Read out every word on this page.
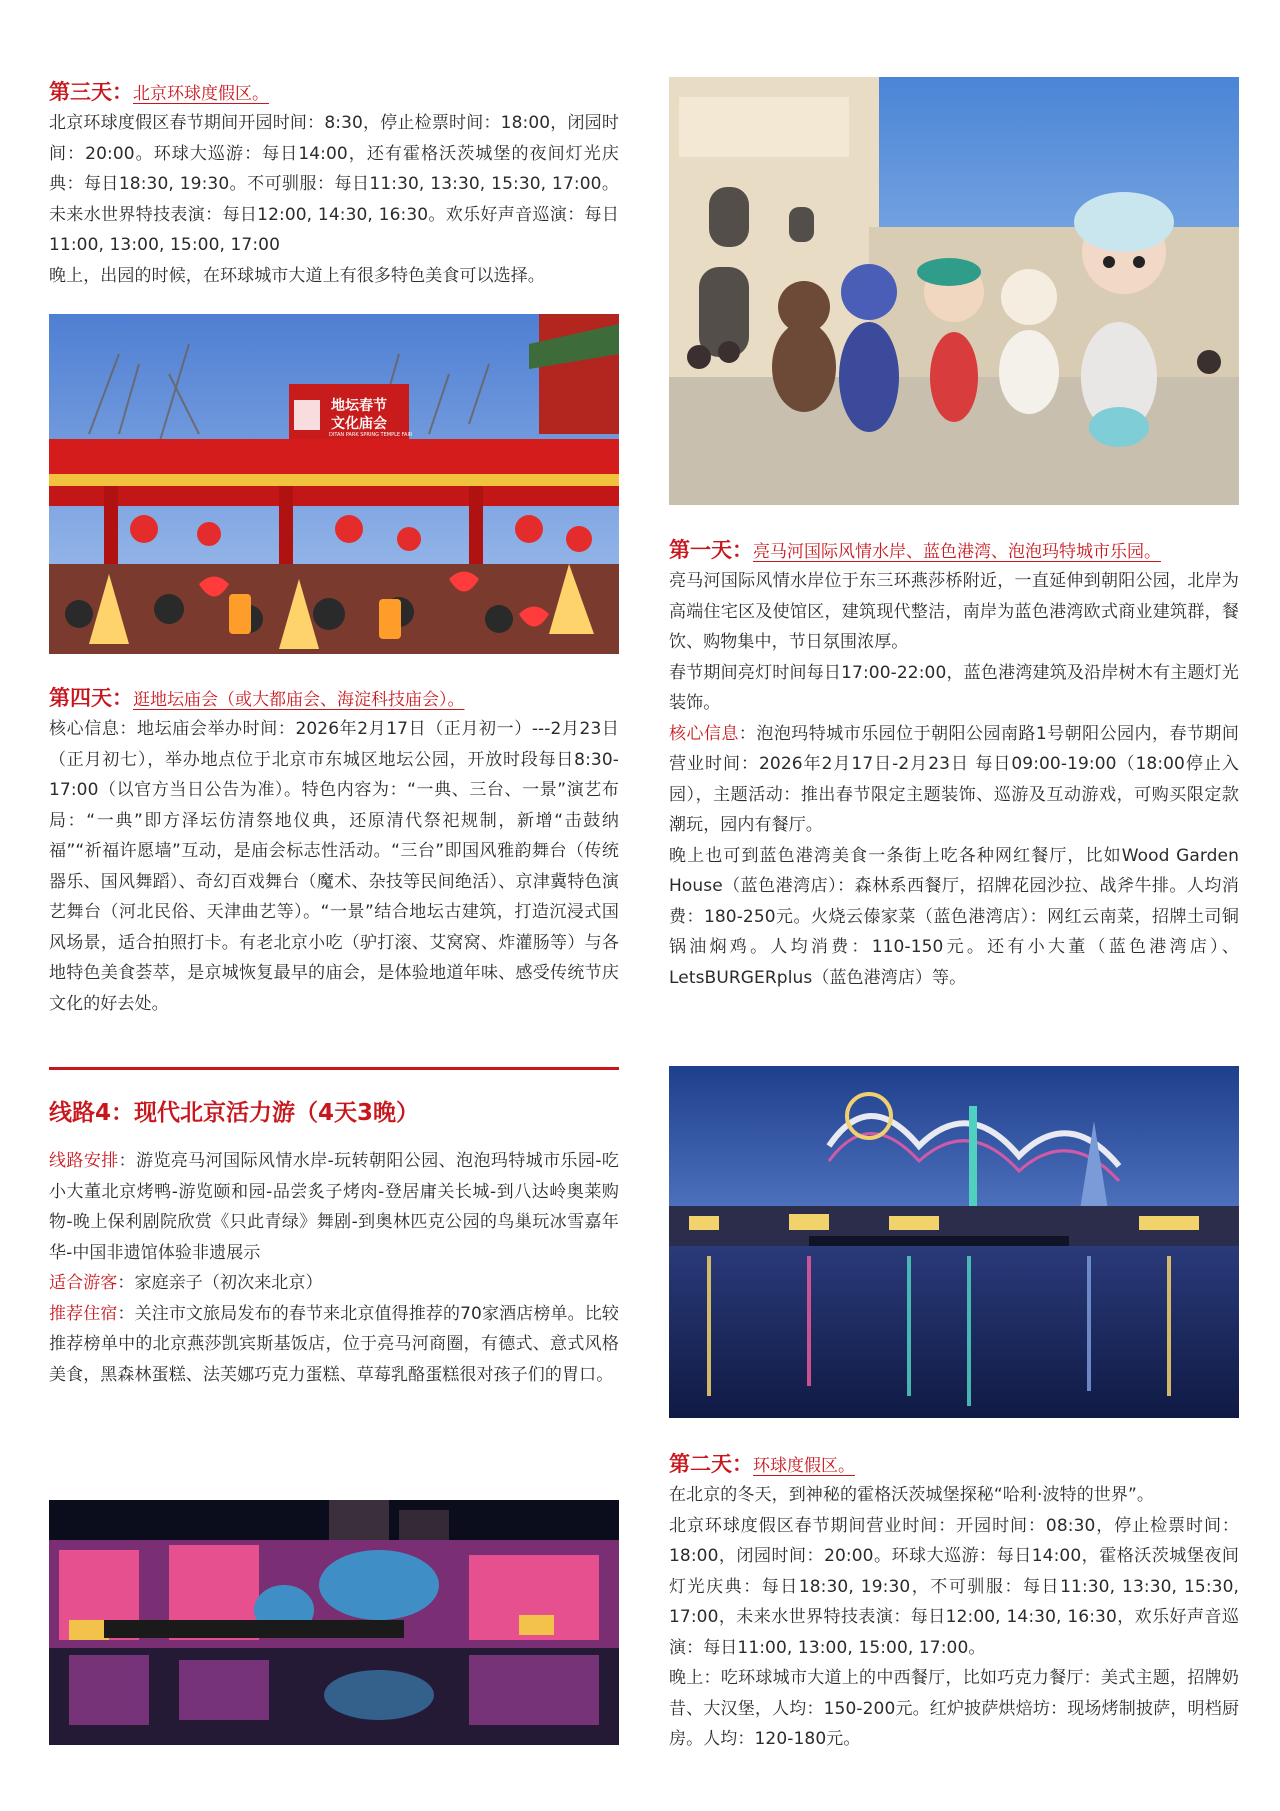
第三天：北京环球度假区。

北京环球度假区春节期间开园时间：8:30，停止检票时间：18:00，闭园时间：20:00。环球大巡游：每日14:00，还有霍格沃茨城堡的夜间灯光庆典：每日18:30, 19:30。不可驯服：每日11:30, 13:30, 15:30, 17:00。未来水世界特技表演：每日12:00, 14:30, 16:30。欢乐好声音巡演：每日11:00, 13:00, 15:00, 17:00

晚上，出园的时候，在环球城市大道上有很多特色美食可以选择。

地坛春节
文化庙会
DITAN PARK SPRING TEMPLE FAIR
第四天：逛地坛庙会（或大都庙会、海淀科技庙会）。

核心信息：地坛庙会举办时间：2026年2月17日（正月初一）---2月23日（正月初七），举办地点位于北京市东城区地坛公园，开放时段每日8:30-17:00（以官方当日公告为准）。特色内容为：“一典、三台、一景”演艺布局：“一典”即方泽坛仿清祭地仪典，还原清代祭祀规制，新增“击鼓纳福”“祈福许愿墙”互动，是庙会标志性活动。“三台”即国风雅韵舞台（传统器乐、国风舞蹈）、奇幻百戏舞台（魔术、杂技等民间绝活）、京津冀特色演艺舞台（河北民俗、天津曲艺等）。“一景”结合地坛古建筑，打造沉浸式国风场景，适合拍照打卡。有老北京小吃（驴打滚、艾窝窝、炸灌肠等）与各地特色美食荟萃，是京城恢复最早的庙会，是体验地道年味、感受传统节庆文化的好去处。

线路4：现代北京活力游（4天3晚）

线路安排：游览亮马河国际风情水岸-玩转朝阳公园、泡泡玛特城市乐园-吃小大董北京烤鸭-游览颐和园-品尝炙子烤肉-登居庸关长城-到八达岭奥莱购物-晚上保利剧院欣赏《只此青绿》舞剧-到奥林匹克公园的鸟巢玩冰雪嘉年华-中国非遗馆体验非遗展示

适合游客：家庭亲子（初次来北京）

推荐住宿：关注市文旅局发布的春节来北京值得推荐的70家酒店榜单。比较推荐榜单中的北京燕莎凯宾斯基饭店，位于亮马河商圈，有德式、意式风格美食，黑森林蛋糕、法芙娜巧克力蛋糕、草莓乳酪蛋糕很对孩子们的胃口。

第一天：亮马河国际风情水岸、蓝色港湾、泡泡玛特城市乐园。

亮马河国际风情水岸位于东三环燕莎桥附近，一直延伸到朝阳公园，北岸为高端住宅区及使馆区，建筑现代整洁，南岸为蓝色港湾欧式商业建筑群，餐饮、购物集中，节日氛围浓厚。

春节期间亮灯时间每日17:00-22:00，蓝色港湾建筑及沿岸树木有主题灯光装饰。

核心信息：泡泡玛特城市乐园位于朝阳公园南路1号朝阳公园内，春节期间营业时间：2026年2月17日-2月23日 每日09:00-19:00（18:00停止入园），主题活动：推出春节限定主题装饰、巡游及互动游戏，可购买限定款潮玩，园内有餐厅。

晚上也可到蓝色港湾美食一条街上吃各种网红餐厅，比如Wood Garden House（蓝色港湾店）：森林系西餐厅，招牌花园沙拉、战斧牛排。人均消费：180-250元。火烧云傣家菜（蓝色港湾店）：网红云南菜，招牌土司铜锅油焖鸡。人均消费：110-150元。还有小大董（蓝色港湾店）、LetsBURGERplus（蓝色港湾店）等。

第二天：环球度假区。

在北京的冬天，到神秘的霍格沃茨城堡探秘“哈利·波特的世界”。

北京环球度假区春节期间营业时间：开园时间：08:30，停止检票时间：18:00，闭园时间：20:00。环球大巡游：每日14:00，霍格沃茨城堡夜间灯光庆典：每日18:30, 19:30，不可驯服：每日11:30, 13:30, 15:30, 17:00，未来水世界特技表演：每日12:00, 14:30, 16:30，欢乐好声音巡演：每日11:00, 13:00, 15:00, 17:00。

晚上：吃环球城市大道上的中西餐厅，比如巧克力餐厅：美式主题，招牌奶昔、大汉堡，人均：150-200元。红炉披萨烘焙坊：现场烤制披萨，明档厨房。人均：120-180元。
